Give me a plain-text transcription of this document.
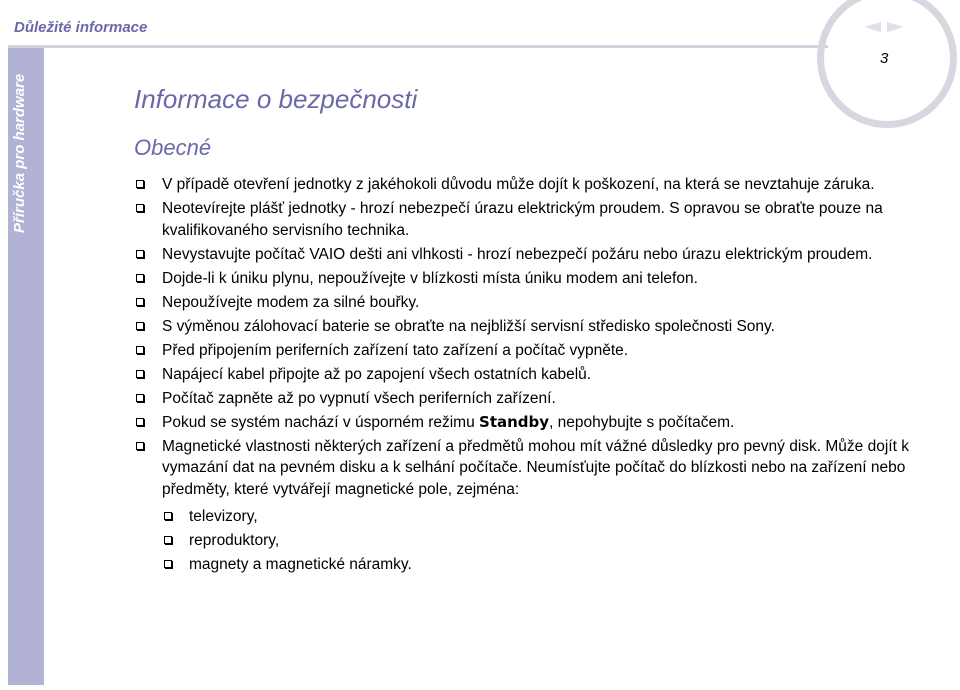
Důležité informace
Příručka pro hardware
3
Informace o bezpečnosti
Obecné
V případě otevření jednotky z jakéhokoli důvodu může dojít k poškození, na která se nevztahuje záruka.
Neotevírejte plášť jednotky - hrozí nebezpečí úrazu elektrickým proudem. S opravou se obraťte pouze na kvalifikovaného servisního technika.
Nevystavujte počítač VAIO dešti ani vlhkosti - hrozí nebezpečí požáru nebo úrazu elektrickým proudem.
Dojde-li k úniku plynu, nepoužívejte v blízkosti místa úniku modem ani telefon.
Nepoužívejte modem za silné bouřky.
S výměnou zálohovací baterie se obraťte na nejbližší servisní středisko společnosti Sony.
Před připojením periferních zařízení tato zařízení a počítač vypněte.
Napájecí kabel připojte až po zapojení všech ostatních kabelů.
Počítač zapněte až po vypnutí všech periferních zařízení.
Pokud se systém nachází v úsporném režimu Standby, nepohybujte s počítačem.
Magnetické vlastnosti některých zařízení a předmětů mohou mít vážné důsledky pro pevný disk. Může dojít k vymazání dat na pevném disku a k selhání počítače. Neumísťujte počítač do blízkosti nebo na zařízení nebo předměty, které vytvářejí magnetické pole, zejména:
televizory,
reproduktory,
magnety a magnetické náramky.
